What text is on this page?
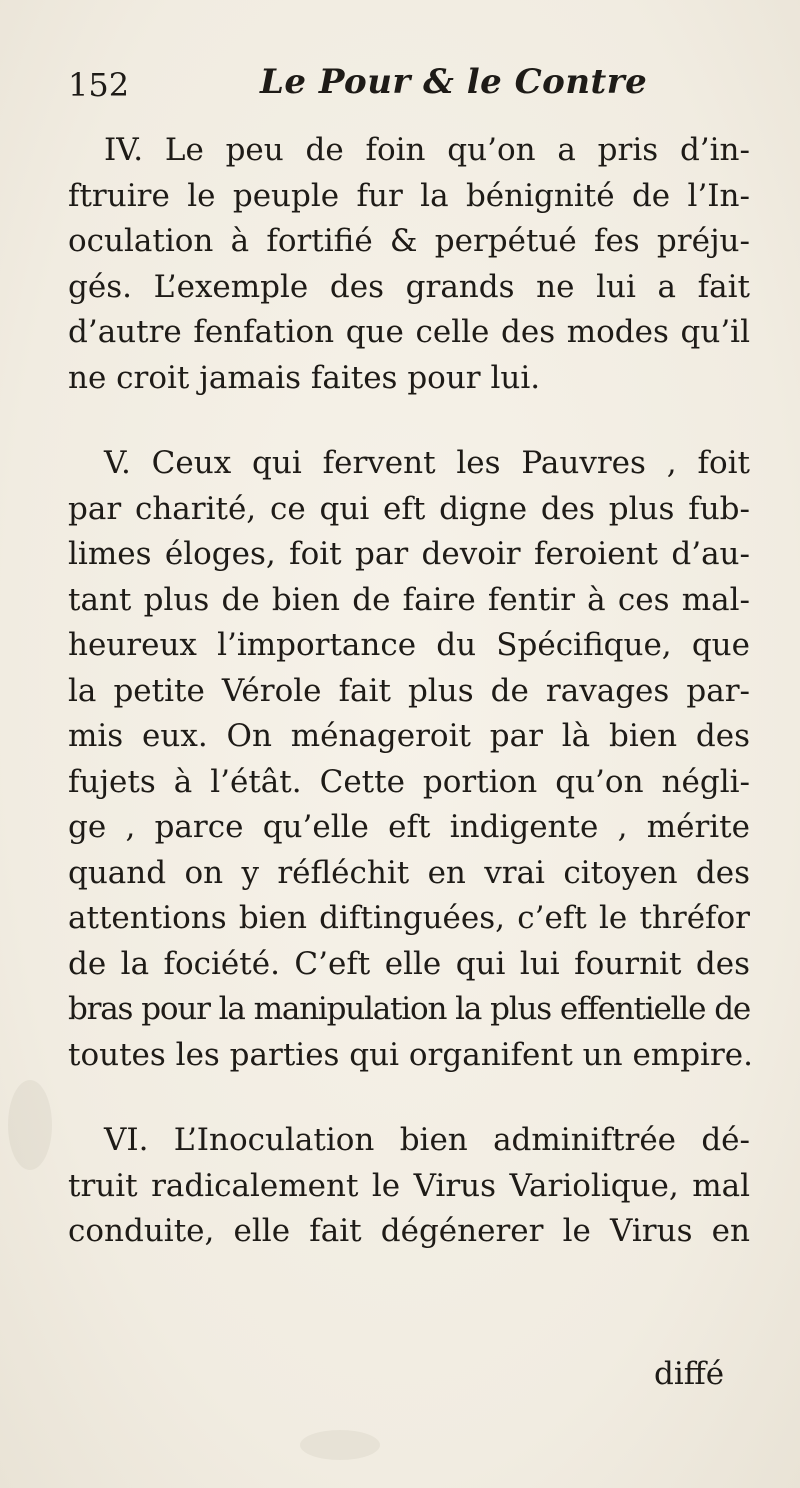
152	Le Pour & le Contre
IV. Le peu de foin qu’on a pris d’in-
ftruire le peuple fur la bénignité de l’In-
oculation à fortifié & perpétué fes préju-
gés. L’exemple des grands ne lui a fait
d’autre fenfation que celle des modes qu’il
ne croit jamais faites pour lui.
V. Ceux qui fervent les Pauvres , foit
par charité, ce qui eft digne des plus fub-
limes éloges, foit par devoir feroient d’au-
tant plus de bien de faire fentir à ces mal-
heureux l’importance du Spécifique, que
la petite Vérole fait plus de ravages par-
mis eux. On ménageroit par là bien des
fujets à l’étât. Cette portion qu’on négli-
ge , parce qu’elle eft indigente , mérite
quand on y réfléchit en vrai citoyen des
attentions bien diftinguées, c’eft le thréfor
de la fociété. C’eft elle qui lui fournit des
bras pour la manipulation la plus effentielle de
toutes les parties qui organifent un empire.
VI. L’Inoculation bien adminiftrée dé-
truit radicalement le Virus Variolique, mal
conduite, elle fait dégénerer le Virus en
diffé
